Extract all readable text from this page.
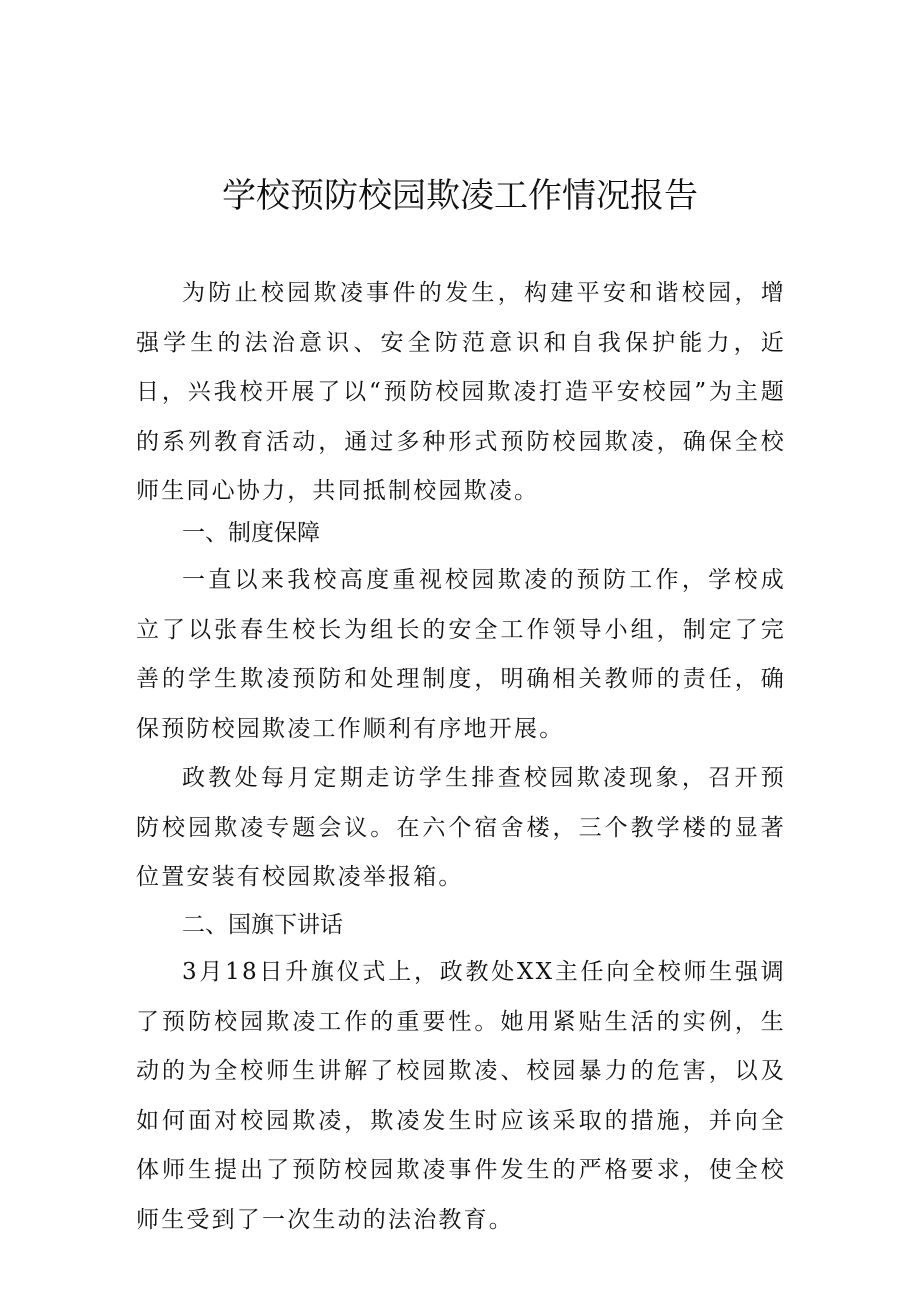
学校预防校园欺凌工作情况报告

为防止校园欺凌事件的发生，构建平安和谐校园，增强学生的法治意识、安全防范意识和自我保护能力，近日，兴我校开展了以“预防校园欺凌打造平安校园”为主题的系列教育活动，通过多种形式预防校园欺凌，确保全校师生同心协力，共同抵制校园欺凌。

一、制度保障

一直以来我校高度重视校园欺凌的预防工作，学校成立了以张春生校长为组长的安全工作领导小组，制定了完善的学生欺凌预防和处理制度，明确相关教师的责任，确保预防校园欺凌工作顺利有序地开展。

政教处每月定期走访学生排查校园欺凌现象，召开预防校园欺凌专题会议。在六个宿舍楼，三个教学楼的显著位置安装有校园欺凌举报箱。

二、国旗下讲话

3月18日升旗仪式上，政教处XX主任向全校师生强调了预防校园欺凌工作的重要性。她用紧贴生活的实例，生动的为全校师生讲解了校园欺凌、校园暴力的危害，以及如何面对校园欺凌，欺凌发生时应该采取的措施，并向全体师生提出了预防校园欺凌事件发生的严格要求，使全校师生受到了一次生动的法治教育。
